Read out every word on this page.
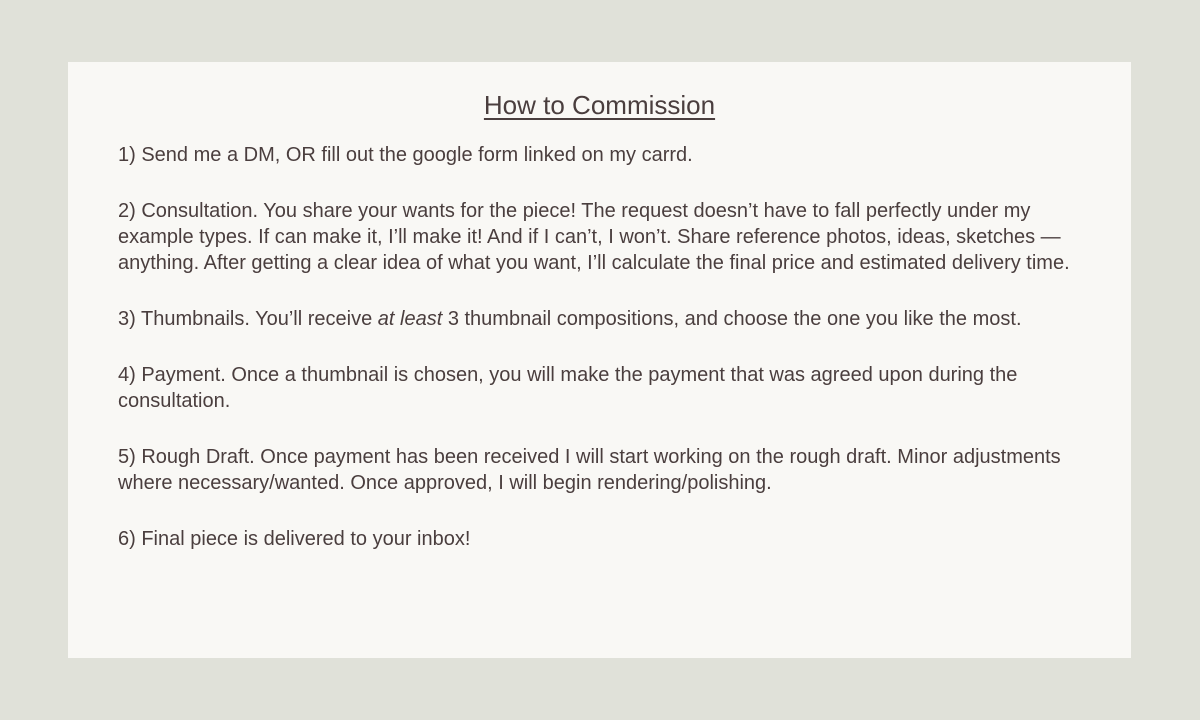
How to Commission
1) Send me a DM, OR fill out the google form linked on my carrd.
2) Consultation. You share your wants for the piece! The request doesn’t have to fall perfectly under my example types. If can make it, I’ll make it! And if I can’t, I won’t. Share reference photos, ideas, sketches — anything. After getting a clear idea of what you want, I’ll calculate the final price and estimated delivery time.
3) Thumbnails. You’ll receive at least 3 thumbnail compositions, and choose the one you like the most.
4) Payment. Once a thumbnail is chosen, you will make the payment that was agreed upon during the consultation.
5) Rough Draft. Once payment has been received I will start working on the rough draft. Minor adjustments where necessary/wanted. Once approved, I will begin rendering/polishing.
6) Final piece is delivered to your inbox!
